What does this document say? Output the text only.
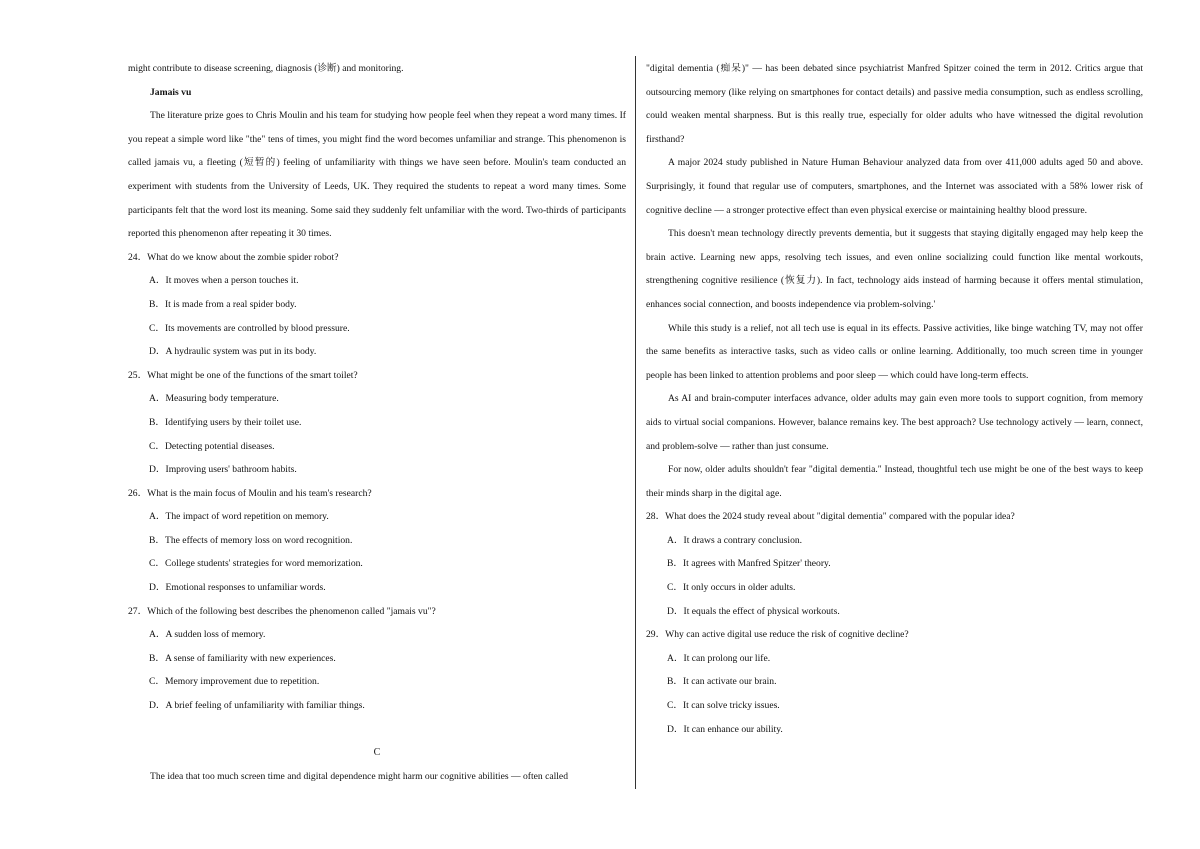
might contribute to disease screening, diagnosis (诊断) and monitoring.

Jamais vu

The literature prize goes to Chris Moulin and his team for studying how people feel when they repeat a word many times. If you repeat a simple word like "the" tens of times, you might find the word becomes unfamiliar and strange. This phenomenon is called jamais vu, a fleeting (短暂的) feeling of unfamiliarity with things we have seen before. Moulin's team conducted an experiment with students from the University of Leeds, UK. They required the students to repeat a word many times. Some participants felt that the word lost its meaning. Some said they suddenly felt unfamiliar with the word. Two-thirds of participants reported this phenomenon after repeating it 30 times.

24．What do we know about the zombie spider robot?

A．It moves when a person touches it.

B．It is made from a real spider body.

C．Its movements are controlled by blood pressure.

D．A hydraulic system was put in its body.

25．What might be one of the functions of the smart toilet?

A．Measuring body temperature.

B．Identifying users by their toilet use.

C．Detecting potential diseases.

D．Improving users' bathroom habits.

26．What is the main focus of Moulin and his team's research?

A．The impact of word repetition on memory.

B．The effects of memory loss on word recognition.

C．College students' strategies for word memorization.

D．Emotional responses to unfamiliar words.

27．Which of the following best describes the phenomenon called "jamais vu"?

A．A sudden loss of memory.

B．A sense of familiarity with new experiences.

C．Memory improvement due to repetition.

D．A brief feeling of unfamiliarity with familiar things.

C

The idea that too much screen time and digital dependence might harm our cognitive abilities — often called

"digital dementia (痴呆)" — has been debated since psychiatrist Manfred Spitzer coined the term in 2012. Critics argue that outsourcing memory (like relying on smartphones for contact details) and passive media consumption, such as endless scrolling, could weaken mental sharpness. But is this really true, especially for older adults who have witnessed the digital revolution firsthand?

A major 2024 study published in Nature Human Behaviour analyzed data from over 411,000 adults aged 50 and above. Surprisingly, it found that regular use of computers, smartphones, and the Internet was associated with a 58% lower risk of cognitive decline — a stronger protective effect than even physical exercise or maintaining healthy blood pressure.

This doesn't mean technology directly prevents dementia, but it suggests that staying digitally engaged may help keep the brain active. Learning new apps, resolving tech issues, and even online socializing could function like mental workouts, strengthening cognitive resilience (恢复力). In fact, technology aids instead of harming because it offers mental stimulation, enhances social connection, and boosts independence via problem-solving.'

While this study is a relief, not all tech use is equal in its effects. Passive activities, like binge watching TV, may not offer the same benefits as interactive tasks, such as video calls or online learning. Additionally, too much screen time in younger people has been linked to attention problems and poor sleep — which could have long-term effects.

As AI and brain-computer interfaces advance, older adults may gain even more tools to support cognition, from memory aids to virtual social companions. However, balance remains key. The best approach? Use technology actively — learn, connect, and problem-solve — rather than just consume.

For now, older adults shouldn't fear "digital dementia." Instead, thoughtful tech use might be one of the best ways to keep their minds sharp in the digital age.

28．What does the 2024 study reveal about "digital dementia" compared with the popular idea?

A．It draws a contrary conclusion.

B．It agrees with Manfred Spitzer' theory.

C．It only occurs in older adults.

D．It equals the effect of physical workouts.

29．Why can active digital use reduce the risk of cognitive decline?

A．It can prolong our life.

B．It can activate our brain.

C．It can solve tricky issues.

D．It can enhance our ability.
